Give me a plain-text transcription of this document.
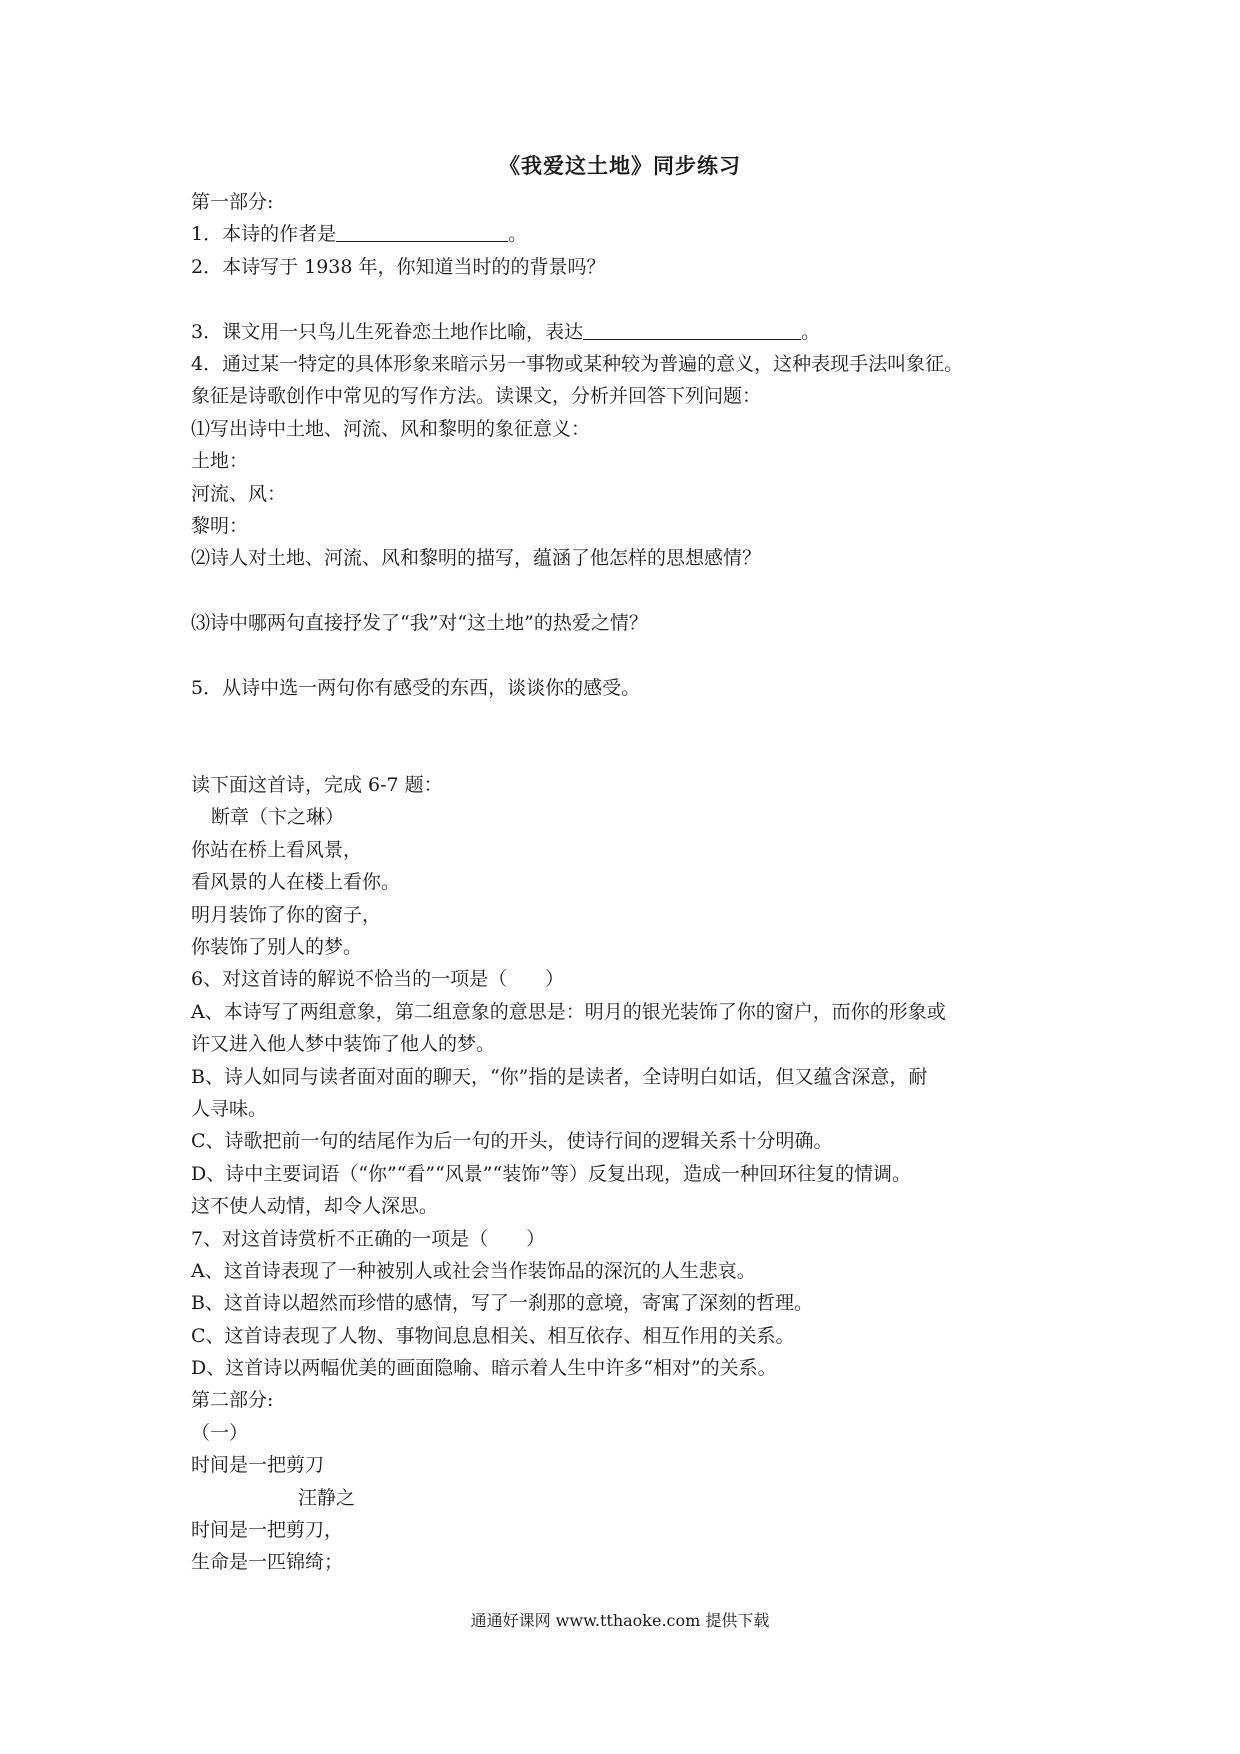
《我爱这土地》同步练习
第一部分:
1．本诗的作者是	。
2．本诗写于 1938 年，你知道当时的的背景吗？
3．课文用一只鸟儿生死眷恋土地作比喻，表达	。
4．通过某一特定的具体形象来暗示另一事物或某种较为普遍的意义，这种表现手法叫象征。
象征是诗歌创作中常见的写作方法。读课文，分析并回答下列问题：
⑴写出诗中土地、河流、风和黎明的象征意义：
土地：
河流、风：
黎明：
⑵诗人对土地、河流、风和黎明的描写，蕴涵了他怎样的思想感情？
⑶诗中哪两句直接抒发了“我”对“这土地”的热爱之情？
5．从诗中选一两句你有感受的东西，谈谈你的感受。
读下面这首诗，完成 6-7 题：
断章（卞之琳）
你站在桥上看风景，
看风景的人在楼上看你。
明月装饰了你的窗子，
你装饰了别人的梦。
6、对这首诗的解说不恰当的一项是（　　）
A、本诗写了两组意象，第二组意象的意思是：明月的银光装饰了你的窗户，而你的形象或
许又进入他人梦中装饰了他人的梦。
B、诗人如同与读者面对面的聊天，“你”指的是读者，全诗明白如话，但又蕴含深意，耐
人寻味。
C、诗歌把前一句的结尾作为后一句的开头，使诗行间的逻辑关系十分明确。
D、诗中主要词语（“你”“看”“风景”“装饰”等）反复出现，造成一种回环往复的情调。
这不使人动情，却令人深思。
7、对这首诗赏析不正确的一项是（　　）
A、这首诗表现了一种被别人或社会当作装饰品的深沉的人生悲哀。
B、这首诗以超然而珍惜的感情，写了一刹那的意境，寄寓了深刻的哲理。
C、这首诗表现了人物、事物间息息相关、相互依存、相互作用的关系。
D、这首诗以两幅优美的画面隐喻、暗示着人生中许多“相对”的关系。
第二部分:
（一）
时间是一把剪刀
汪静之
时间是一把剪刀，
生命是一匹锦绮；
通通好课网 www.tthaoke.com 提供下载
